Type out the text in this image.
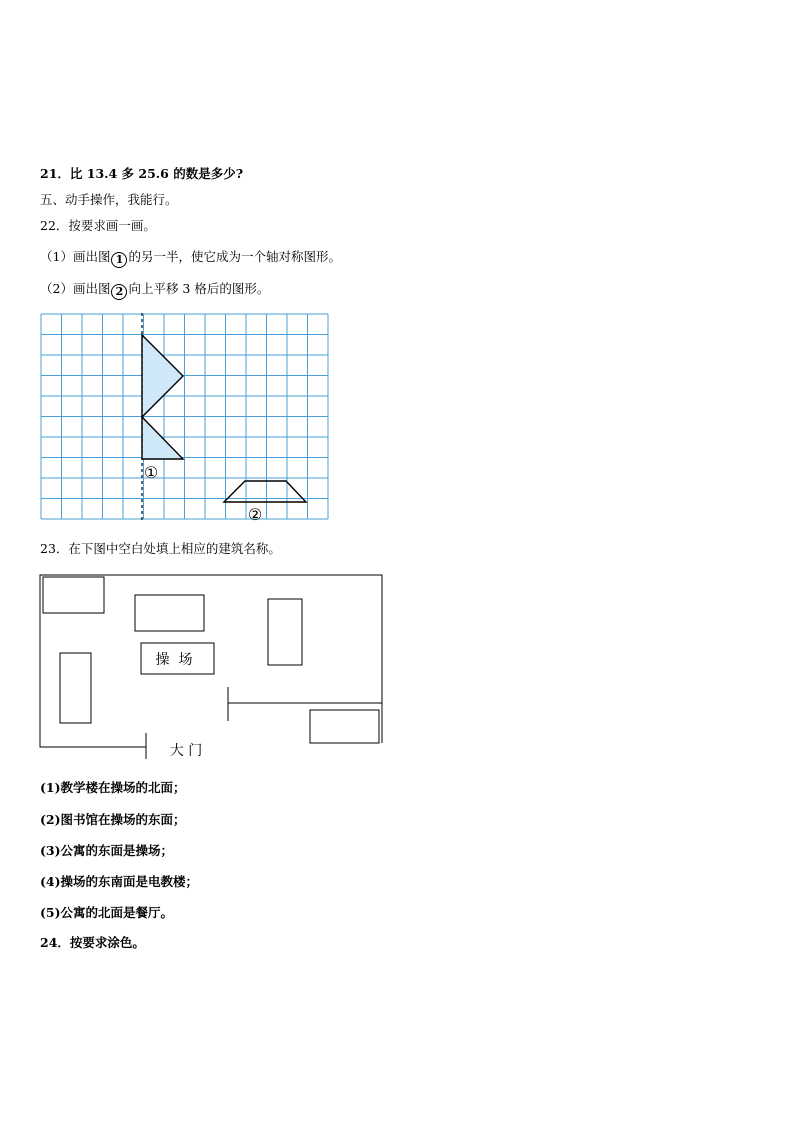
21．比 13.4 多 25.6 的数是多少?
五、动手操作，我能行。
22．按要求画一画。
（1）画出图 1 的另一半，使它成为一个轴对称图形。
（2）画出图 2 向上平移 3 格后的图形。
①
②
23．在下图中空白处填上相应的建筑名称。
操  场
大 门
(1)教学楼在操场的北面；
(2)图书馆在操场的东面；
(3)公寓的东面是操场；
(4)操场的东南面是电教楼；
(5)公寓的北面是餐厅。
24．按要求涂色。
